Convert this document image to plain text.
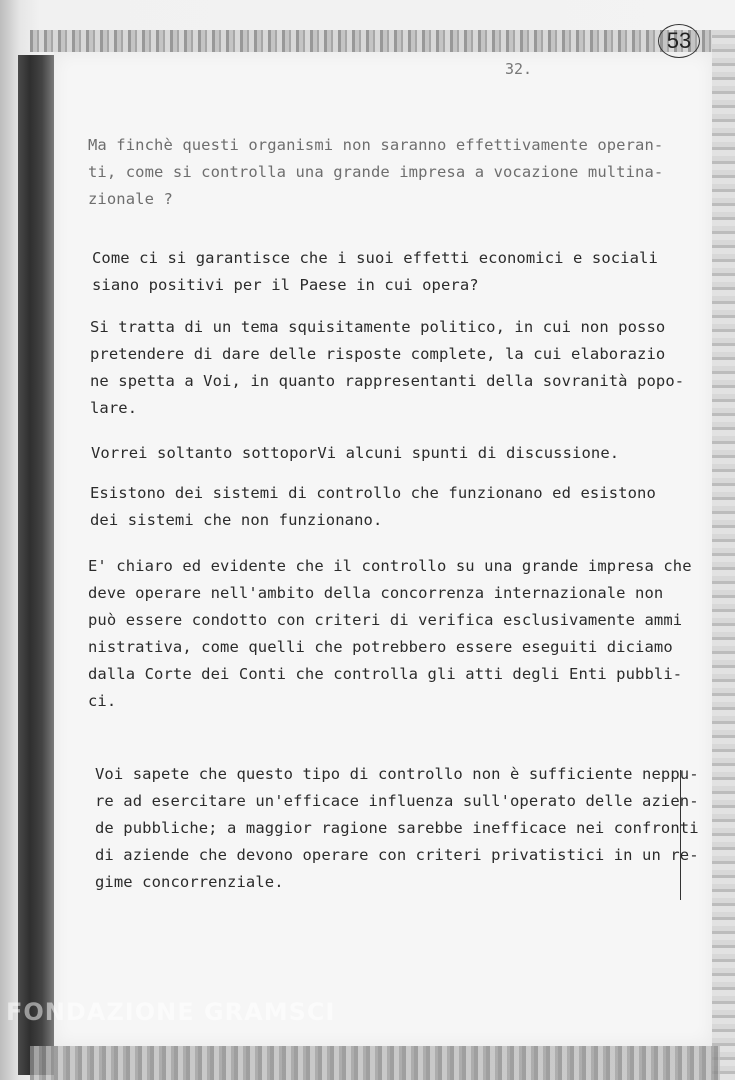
53
32.
Ma finchè questi organismi non saranno effettivamente operan-
ti, come si controlla una grande impresa a vocazione multina-
zionale ?
Come ci si garantisce che i suoi effetti economici e sociali
siano positivi per il Paese in cui opera?
Si tratta di un tema squisitamente politico, in cui non posso
pretendere di dare delle risposte complete, la cui elaborazio
ne spetta a Voi, in quanto rappresentanti della sovranità popo-
lare.
Vorrei soltanto sottoporVi alcuni spunti di discussione.
Esistono dei sistemi di controllo che funzionano ed esistono
dei sistemi che non funzionano.
E' chiaro ed evidente che il controllo su una grande impresa che
deve operare nell'ambito della concorrenza internazionale non
può essere condotto con criteri di verifica esclusivamente ammi
nistrativa, come quelli che potrebbero essere eseguiti diciamo
dalla Corte dei Conti che controlla gli atti degli Enti pubbli-
ci.
Voi sapete che questo tipo di controllo non è sufficiente neppu-
re ad esercitare un'efficace influenza sull'operato delle azien-
de pubbliche; a maggior ragione sarebbe inefficace nei confronti
di aziende che devono operare con criteri privatistici in un re-
gime concorrenziale.
FONDAZIONE GRAMSCI
